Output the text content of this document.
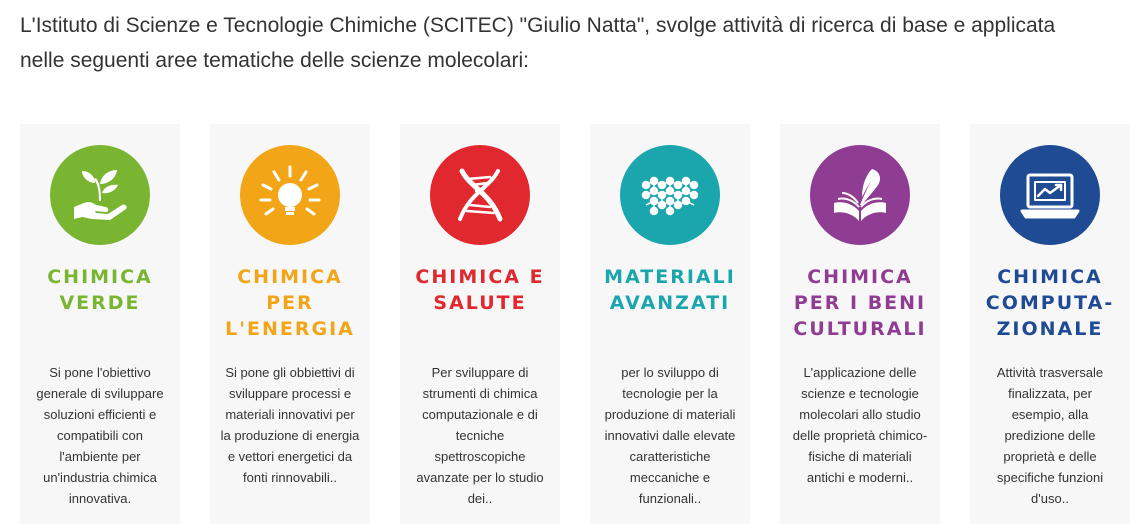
L'Istituto di Scienze e Tecnologie Chimiche (SCITEC) "Giulio Natta", svolge attività di ricerca di base e applicata
nelle seguenti aree tematiche delle scienze molecolari:

CHIMICA VERDE

Si pone l'obiettivo generale di sviluppare soluzioni efficienti e compatibili con l'ambiente per un'industria chimica innovativa.

CHIMICA PER L'ENERGIA

Si pone gli obbiettivi di sviluppare processi e materiali innovativi per la produzione di energia e vettori energetici da fonti rinnovabili..

CHIMICA E SALUTE

Per sviluppare di strumenti di chimica computazionale e di tecniche spettroscopiche avanzate per lo studio dei..

MATERIALI AVANZATI

per lo sviluppo di tecnologie per la produzione di materiali innovativi dalle elevate caratteristiche meccaniche e funzionali..

CHIMICA PER I BENI CULTURALI

L'applicazione delle scienze e tecnologie molecolari allo studio delle proprietà chimico-fisiche di materiali antichi e moderni..

CHIMICA COMPUTA-ZIONALE

Attività trasversale finalizzata, per esempio, alla predizione delle proprietà e delle specifiche funzioni d'uso..
